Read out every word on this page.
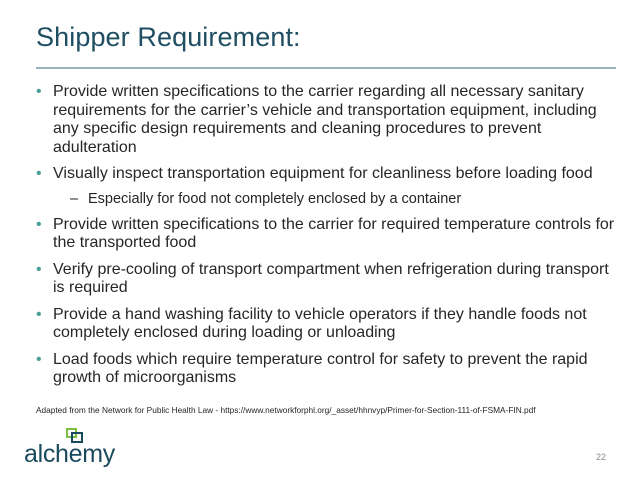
Shipper Requirement:
• Provide written specifications to the carrier regarding all necessary sanitary requirements for the carrier’s vehicle and transportation equipment, including any specific design requirements and cleaning procedures to prevent adulteration
• Visually inspect transportation equipment for cleanliness before loading food
– Especially for food not completely enclosed by a container
• Provide written specifications to the carrier for required temperature controls for the transported food
• Verify pre-cooling of transport compartment when refrigeration during transport is required
• Provide a hand washing facility to vehicle operators if they handle foods not completely enclosed during loading or unloading
• Load foods which require temperature control for safety to prevent the rapid growth of microorganisms
Adapted from the Network for Public Health Law - https://www.networkforphl.org/_asset/hhnvyp/Primer-for-Section-111-of-FSMA-FIN.pdf
alchemy	22
